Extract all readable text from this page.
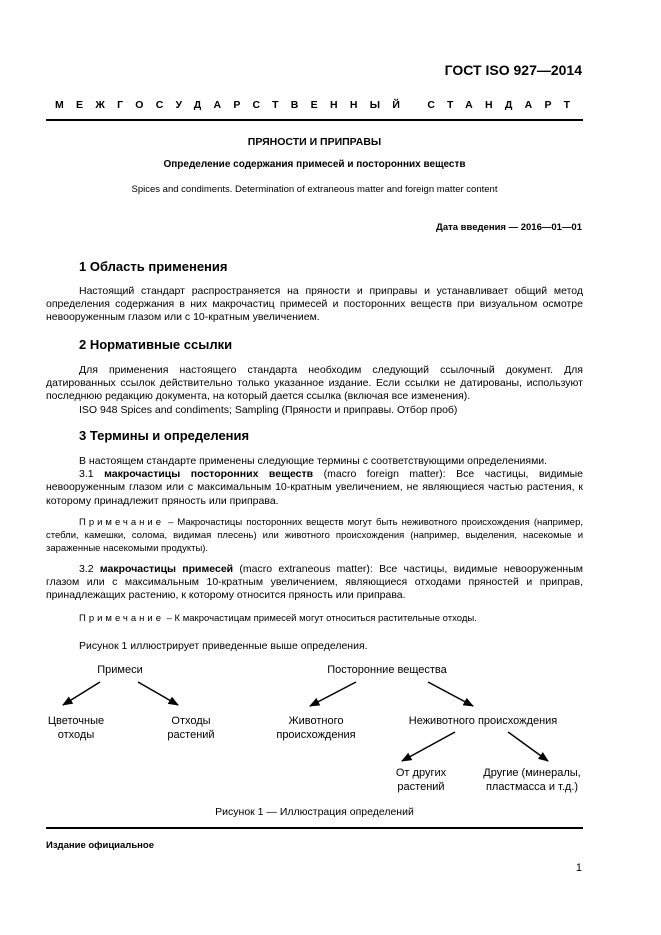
ГОСТ ISO 927—2014
МЕЖГОСУДАРСТВЕННЫЙ СТАНДАРТ
ПРЯНОСТИ И ПРИПРАВЫ
Определение содержания примесей и посторонних веществ
Spices and condiments. Determination of extraneous matter and foreign matter content
Дата введения — 2016—01—01
1 Область применения

Настоящий стандарт распространяется на пряности и приправы и устанавливает общий метод определения содержания в них макрочастиц примесей и посторонних веществ при визуальном осмотре невооруженным глазом или с 10-кратным увеличением.

2 Нормативные ссылки

Для применения настоящего стандарта необходим следующий ссылочный документ. Для датированных ссылок действительно только указанное издание. Если ссылки не датированы, используют последнюю редакцию документа, на который дается ссылка (включая все изменения).

ISO 948 Spices and condiments; Sampling (Пряности и приправы. Отбор проб)

3 Термины и определения

В настоящем стандарте применены следующие термины с соответствующими определениями.

3.1 макрочастицы посторонних веществ (macro foreign matter): Все частицы, видимые невооруженным глазом или с максимальным 10-кратным увеличением, не являющиеся частью растения, к которому принадлежит пряность или приправа.

Примечание – Макрочастицы посторонних веществ могут быть неживотного происхождения (например, стебли, камешки, солома, видимая плесень) или животного происхождения (например, выделения, насекомые и зараженные насекомыми продукты).

3.2 макрочастицы примесей (macro extraneous matter): Все частицы, видимые невооруженным глазом или с максимальным 10-кратным увеличением, являющиеся отходами пряностей и приправ, принадлежащих растению, к которому относится пряность или приправа.

Примечание – К макрочастицам примесей могут относиться растительные отходы.

Рисунок 1 иллюстрирует приведенные выше определения.
Примеси	Посторонние вещества
Цветочные
отходы
Отходы
растений
Животного
происхождения
Неживотного происхождения
От других
растений
Другие (минералы,
пластмасса и т.д.)
Рисунок 1 — Иллюстрация определений
Издание официальное
1
